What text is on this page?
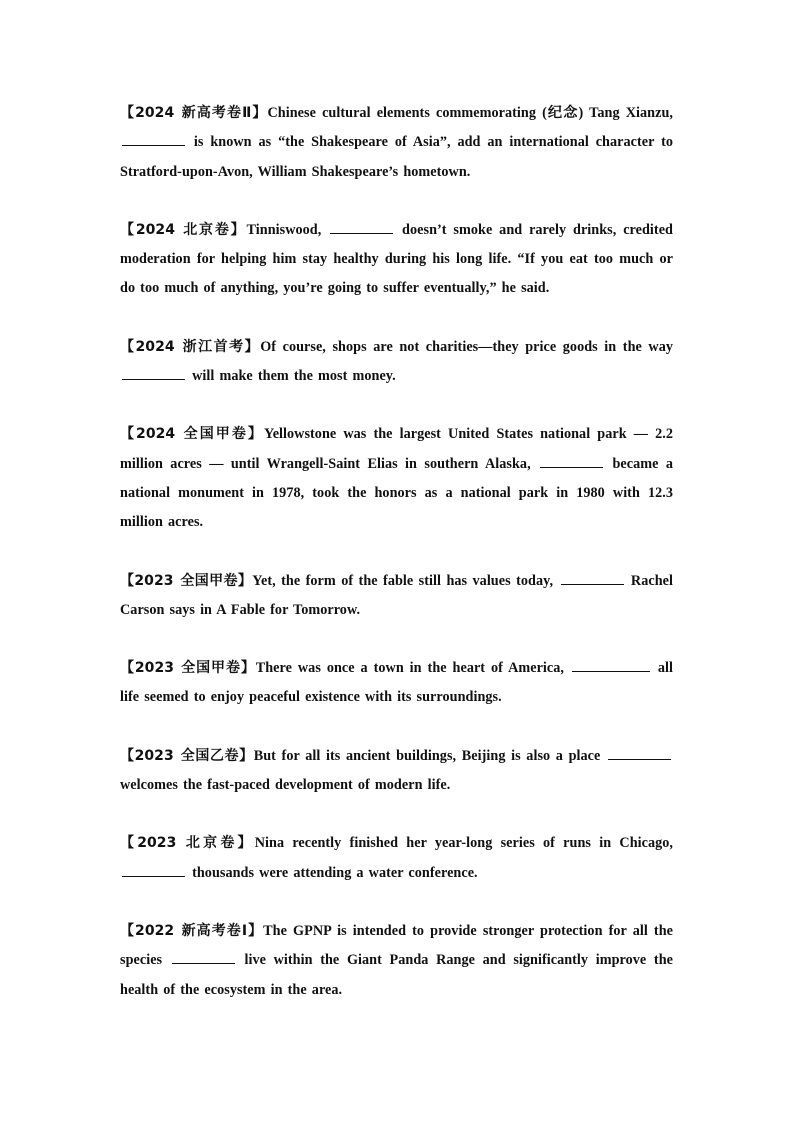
【2024 新高考卷Ⅱ】Chinese cultural elements commemorating (纪念) Tang Xianzu,  is known as “the Shakespeare of Asia”, add an international character to Stratford-upon-Avon, William Shakespeare’s hometown.

【2024 北京卷】Tinniswood,	doesn’t smoke and rarely drinks, credited moderation for helping him stay healthy during his long life. “If you eat too much or do too much of anything, you’re going to suffer eventually,” he said.

【2024 浙江首考】Of course, shops are not charities—they price goods in the way  will make them the most money.

【2024 全国甲卷】Yellowstone was the largest United States national park — 2.2 million acres — until Wrangell-Saint Elias in southern Alaska,	became a national monument in 1978, took the honors as a national park in 1980 with 12.3 million acres.

【2023 全国甲卷】Yet, the form of the fable still has values today,	Rachel Carson says in A Fable for Tomorrow.

【2023 全国甲卷】There was once a town in the heart of America,	all life seemed to enjoy peaceful existence with its surroundings.

【2023 全国乙卷】But for all its ancient buildings, Beijing is also a place  welcomes the fast-paced development of modern life.

【2023 北京卷】Nina recently finished her year-long series of runs in Chicago,  thousands were attending a water conference.

【2022 新高考卷Ⅰ】The GPNP is intended to provide stronger protection for all the species	live within the Giant Panda Range and significantly improve the health of the ecosystem in the area.
